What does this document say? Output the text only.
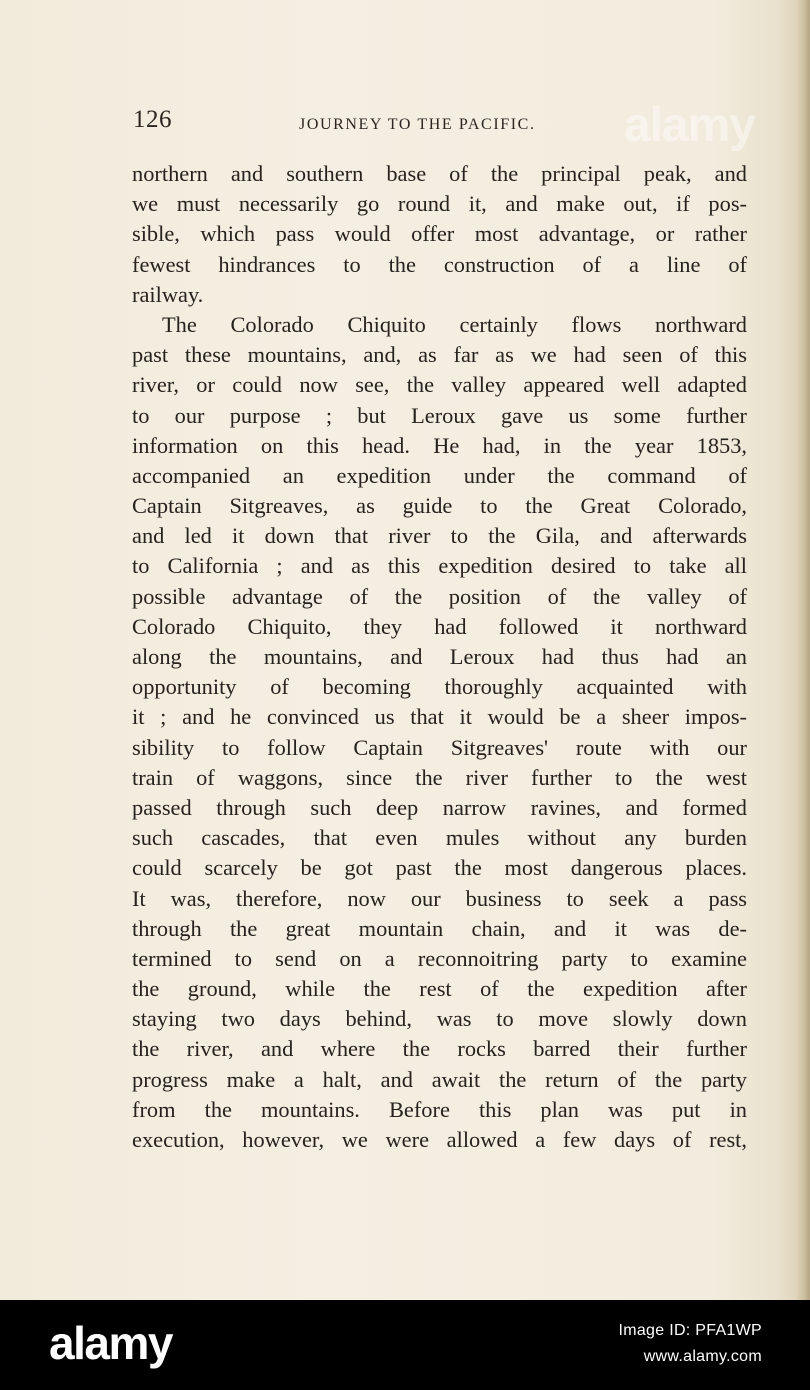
126	JOURNEY TO THE PACIFIC. alamy
northern and southern base of the principal peak, and
we must necessarily go round it, and make out, if pos-
sible, which pass would offer most advantage, or rather
fewest hindrances to the construction of a line of
railway.
The Colorado Chiquito certainly flows northward
past these mountains, and, as far as we had seen of this
river, or could now see, the valley appeared well adapted
to our purpose ; but Leroux gave us some further
information on this head. He had, in the year 1853,
accompanied an expedition under the command of
Captain Sitgreaves, as guide to the Great Colorado,
and led it down that river to the Gila, and afterwards
to California ; and as this expedition desired to take all
possible advantage of the position of the valley of
Colorado Chiquito, they had followed it northward
along the mountains, and Leroux had thus had an
opportunity of becoming thoroughly acquainted with
it ; and he convinced us that it would be a sheer impos-
sibility to follow Captain Sitgreaves' route with our
train of waggons, since the river further to the west
passed through such deep narrow ravines, and formed
such cascades, that even mules without any burden
could scarcely be got past the most dangerous places.
It was, therefore, now our business to seek a pass
through the great mountain chain, and it was de-
termined to send on a reconnoitring party to examine
the ground, while the rest of the expedition after
staying two days behind, was to move slowly down
the river, and where the rocks barred their further
progress make a halt, and await the return of the party
from the mountains. Before this plan was put in
execution, however, we were allowed a few days of rest,
alamy	Image ID: PFA1WP
www.alamy.com
